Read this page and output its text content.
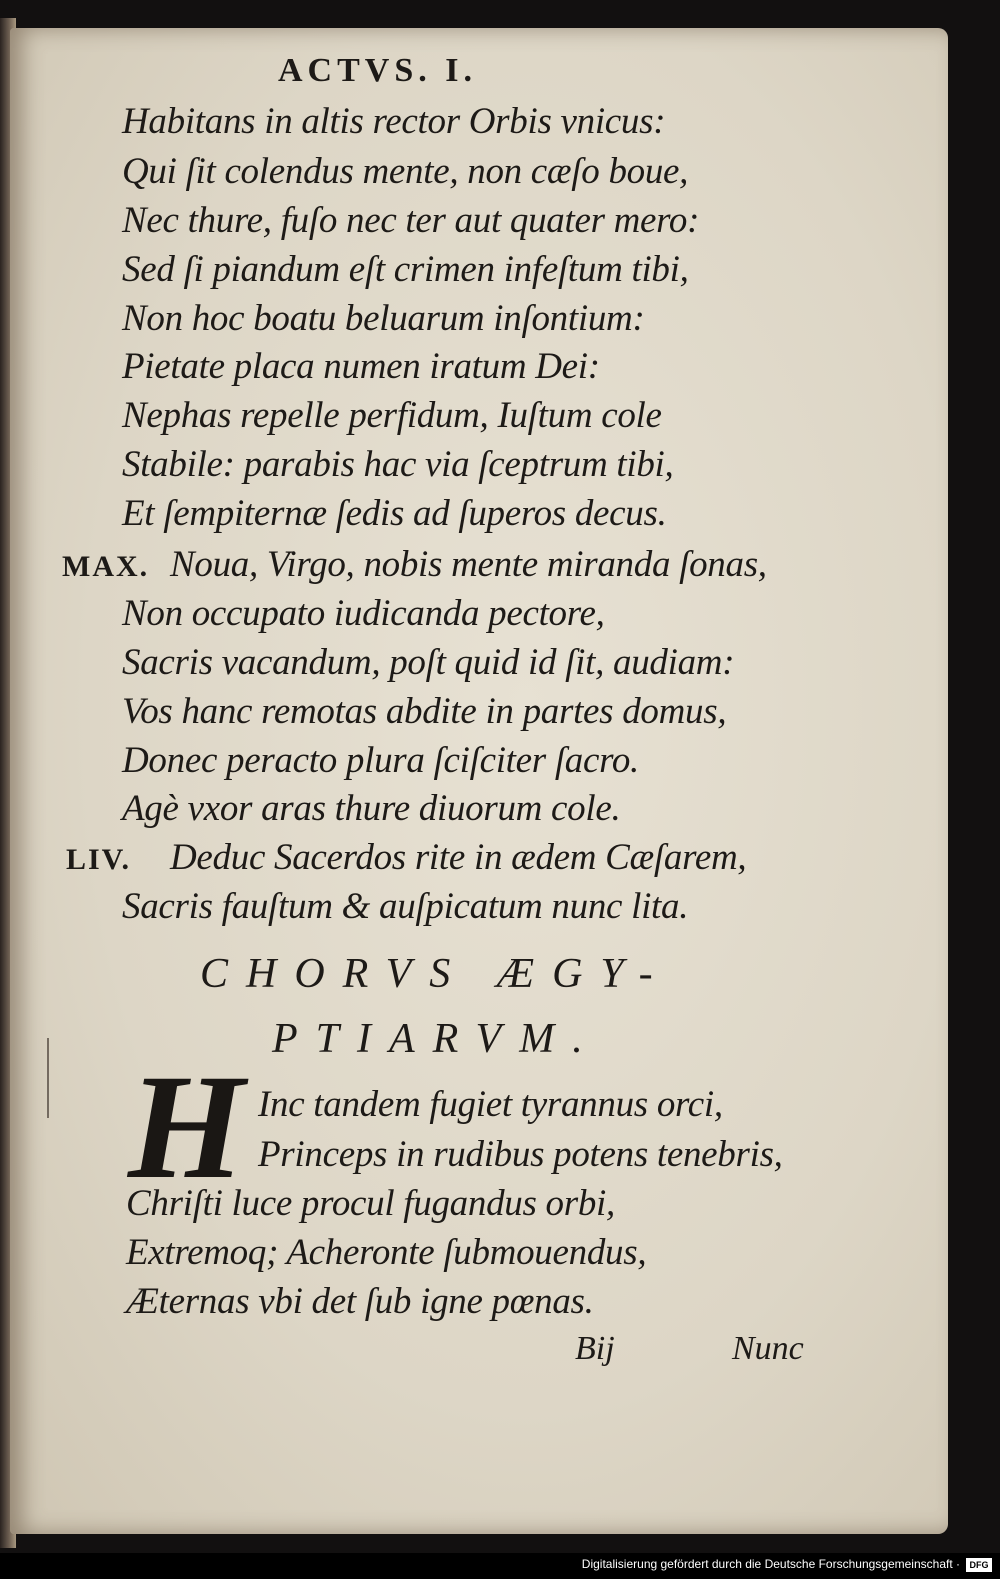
ACTVS. I.
Habitans in altis rector Orbis vnicus:
Qui ſit colendus mente, non cæſo boue,
Nec thure, fuſo nec ter aut quater mero:
Sed ſi piandum eſt crimen infeſtum tibi,
Non hoc boatu beluarum inſontium:
Pietate placa numen iratum Dei:
Nephas repelle perfidum, Iuſtum cole
Stabile: parabis hac via ſceptrum tibi,
Et ſempiternæ ſedis ad ſuperos decus.
MAX. Noua, Virgo, nobis mente miranda ſonas,
Non occupato iudicanda pectore,
Sacris vacandum, poſt quid id ſit, audiam:
Vos hanc remotas abdite in partes domus,
Donec peracto plura ſciſciter ſacro.
Agè vxor aras thure diuorum cole.
LIV. Deduc Sacerdos rite in ædem Cæſarem,
Sacris fauſtum & auſpicatum nunc lita.
CHORVS ÆGY-
PTIARVM.
H Inc tandem fugiet tyrannus orci,
Princeps in rudibus potens tenebris,
Chriſti luce procul fugandus orbi,
Extremoq; Acheronte ſubmouendus,
Æternas vbi det ſub igne pœnas.
Bij	Nunc
Digitalisierung gefördert durch die Deutsche Forschungsgemeinschaft ·	DFG
